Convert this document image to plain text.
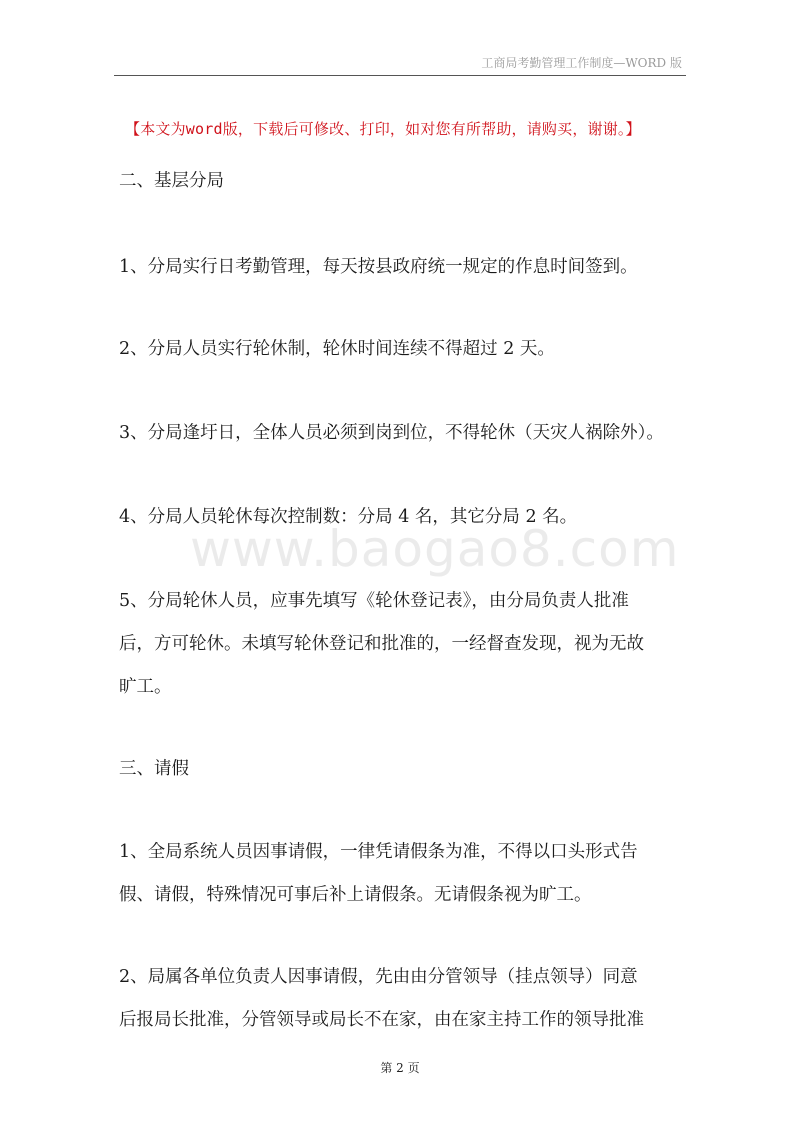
工商局考勤管理工作制度—WORD 版
www.baogao8.com
【本文为word版，下载后可修改、打印，如对您有所帮助，请购买，谢谢。】
二、基层分局
1、分局实行日考勤管理，每天按县政府统一规定的作息时间签到。
2、分局人员实行轮休制，轮休时间连续不得超过 2 天。
3、分局逢圩日，全体人员必须到岗到位，不得轮休（天灾人祸除外）。
4、分局人员轮休每次控制数：分局 4 名，其它分局 2 名。
5、分局轮休人员，应事先填写《轮休登记表》，由分局负责人批准
后，方可轮休。未填写轮休登记和批准的，一经督查发现，视为无故
旷工。
三、请假
1、全局系统人员因事请假，一律凭请假条为准，不得以口头形式告
假、请假，特殊情况可事后补上请假条。无请假条视为旷工。
2、局属各单位负责人因事请假，先由由分管领导（挂点领导）同意
后报局长批准，分管领导或局长不在家，由在家主持工作的领导批准
第 2 页
